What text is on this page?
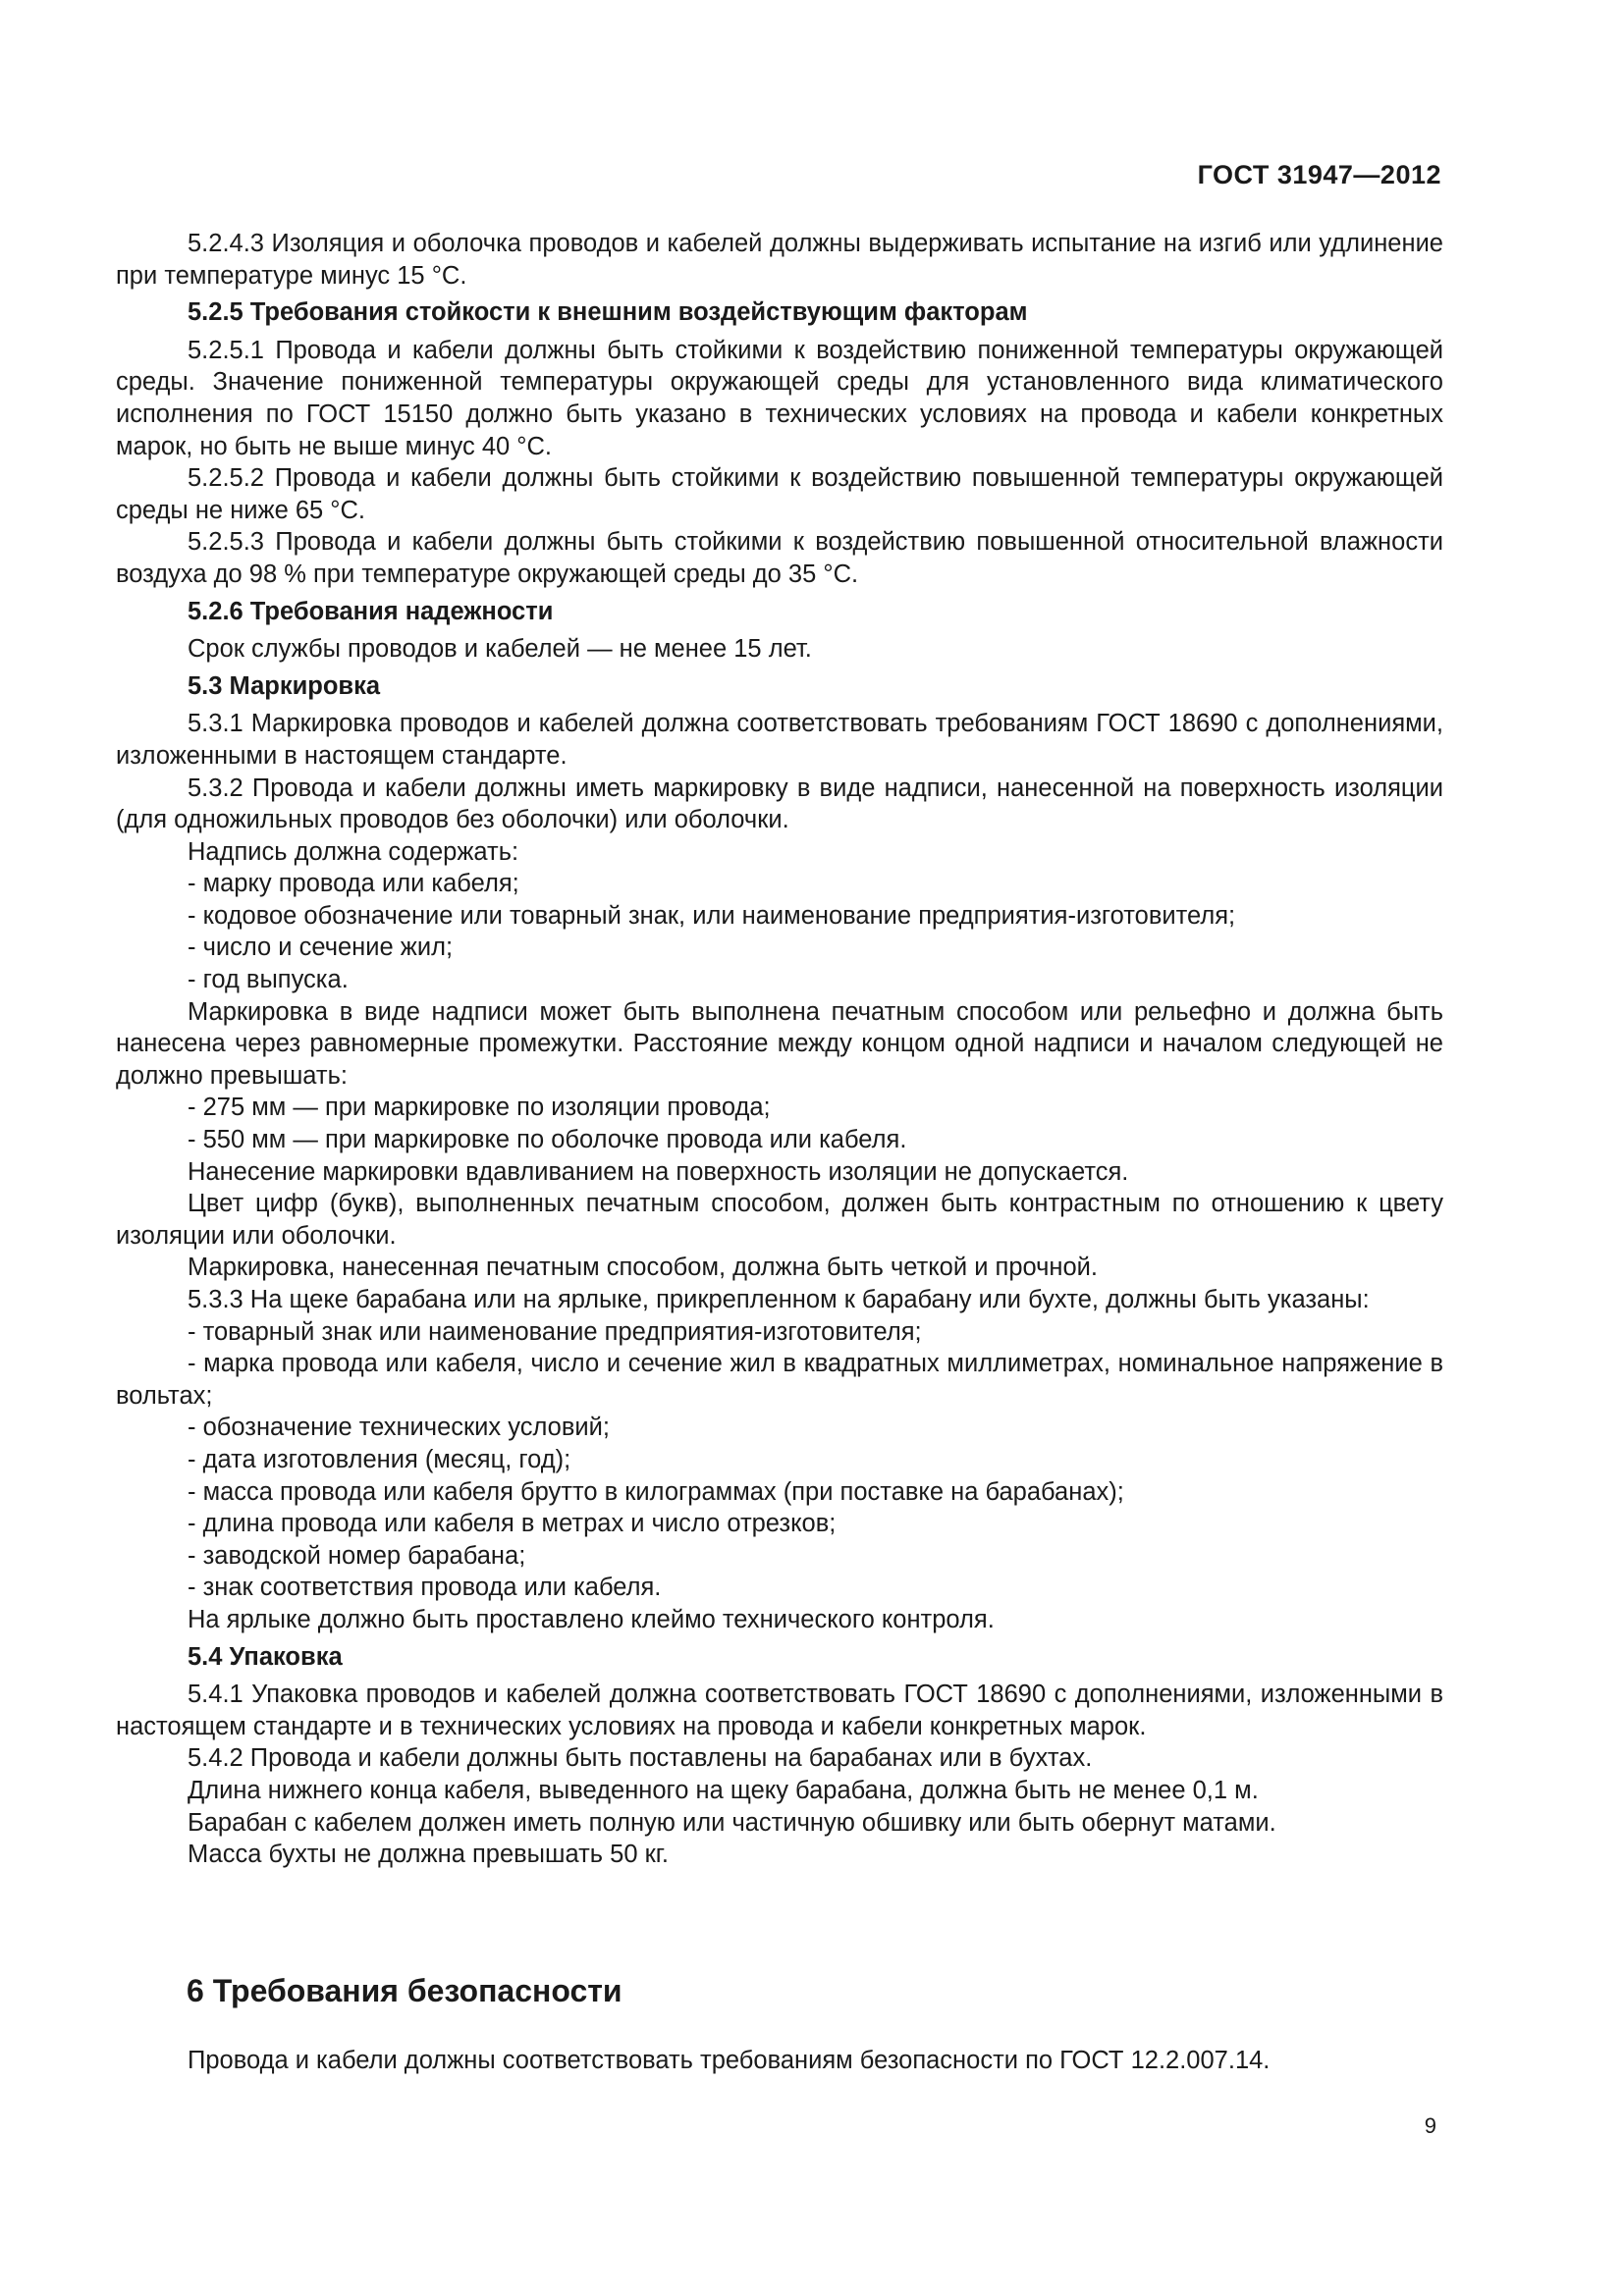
ГОСТ 31947—2012

5.2.4.3 Изоляция и оболочка проводов и кабелей должны выдерживать испытание на изгиб или удлинение при температуре минус 15 °С.

5.2.5 Требования стойкости к внешним воздействующим факторам

5.2.5.1 Провода и кабели должны быть стойкими к воздействию пониженной температуры окружающей среды. Значение пониженной температуры окружающей среды для установленного вида климатического исполнения по ГОСТ 15150 должно быть указано в технических условиях на провода и кабели конкретных марок, но быть не выше минус 40 °С.

5.2.5.2 Провода и кабели должны быть стойкими к воздействию повышенной температуры окружающей среды не ниже 65 °С.

5.2.5.3 Провода и кабели должны быть стойкими к воздействию повышенной относительной влажности воздуха до 98 % при температуре окружающей среды до 35 °С.

5.2.6 Требования надежности

Срок службы проводов и кабелей — не менее 15 лет.

5.3 Маркировка

5.3.1 Маркировка проводов и кабелей должна соответствовать требованиям ГОСТ 18690 с дополнениями, изложенными в настоящем стандарте.

5.3.2 Провода и кабели должны иметь маркировку в виде надписи, нанесенной на поверхность изоляции (для одножильных проводов без оболочки) или оболочки.

Надпись должна содержать:

- марку провода или кабеля;

- кодовое обозначение или товарный знак, или наименование предприятия-изготовителя;

- число и сечение жил;

- год выпуска.

Маркировка в виде надписи может быть выполнена печатным способом или рельефно и должна быть нанесена через равномерные промежутки. Расстояние между концом одной надписи и началом следующей не должно превышать:

- 275 мм — при маркировке по изоляции провода;

- 550 мм — при маркировке по оболочке провода или кабеля.

Нанесение маркировки вдавливанием на поверхность изоляции не допускается.

Цвет цифр (букв), выполненных печатным способом, должен быть контрастным по отношению к цвету изоляции или оболочки.

Маркировка, нанесенная печатным способом, должна быть четкой и прочной.

5.3.3 На щеке барабана или на ярлыке, прикрепленном к барабану или бухте, должны быть указаны:

- товарный знак или наименование предприятия-изготовителя;

- марка провода или кабеля, число и сечение жил в квадратных миллиметрах, номинальное напряжение в вольтах;

- обозначение технических условий;

- дата изготовления (месяц, год);

- масса провода или кабеля брутто в килограммах (при поставке на барабанах);

- длина провода или кабеля в метрах и число отрезков;

- заводской номер барабана;

- знак соответствия провода или кабеля.

На ярлыке должно быть проставлено клеймо технического контроля.

5.4 Упаковка

5.4.1 Упаковка проводов и кабелей должна соответствовать ГОСТ 18690 с дополнениями, изложенными в настоящем стандарте и в технических условиях на провода и кабели конкретных марок.

5.4.2 Провода и кабели должны быть поставлены на барабанах или в бухтах.

Длина нижнего конца кабеля, выведенного на щеку барабана, должна быть не менее 0,1 м.

Барабан с кабелем должен иметь полную или частичную обшивку или быть обернут матами.

Масса бухты не должна превышать 50 кг.

6 Требования безопасности
Провода и кабели должны соответствовать требованиям безопасности по ГОСТ 12.2.007.14.
9
